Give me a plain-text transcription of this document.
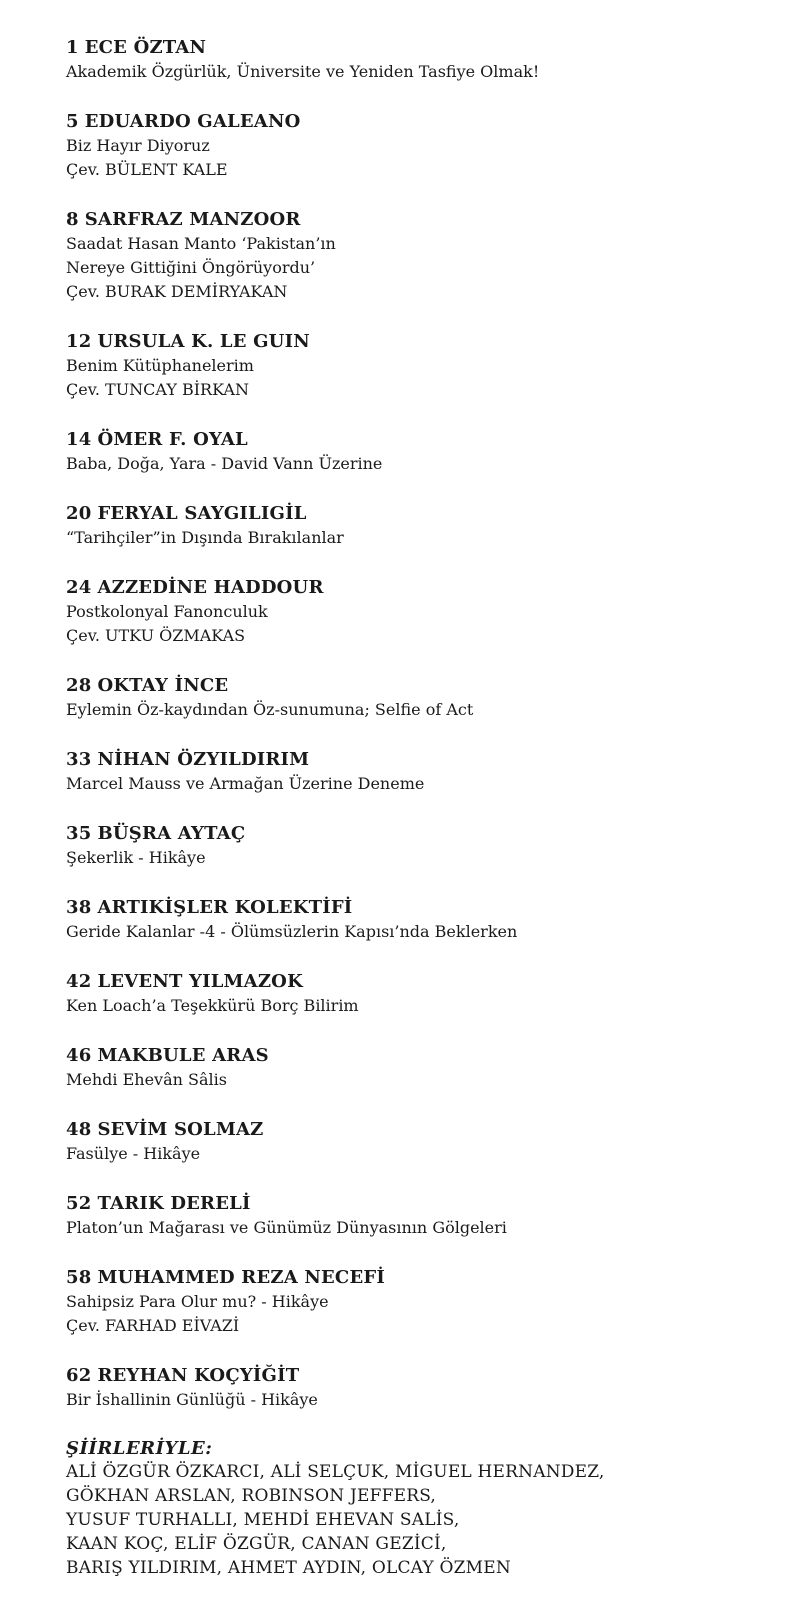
1 ECE ÖZTAN
Akademik Özgürlük, Üniversite ve Yeniden Tasfiye Olmak!
5 EDUARDO GALEANO
Biz Hayır Diyoruz
Çev. BÜLENT KALE
8 SARFRAZ MANZOOR
Saadat Hasan Manto ‘Pakistan’ın
Nereye Gittiğini Öngörüyordu’
Çev. BURAK DEMİRYAKAN
12 URSULA K. LE GUIN
Benim Kütüphanelerim
Çev. TUNCAY BİRKAN
14 ÖMER F. OYAL
Baba, Doğa, Yara - David Vann Üzerine
20 FERYAL SAYGILIGİL
“Tarihçiler”in Dışında Bırakılanlar
24 AZZEDİNE HADDOUR
Postkolonyal Fanonculuk
Çev. UTKU ÖZMAKAS
28 OKTAY İNCE
Eylemin Öz-kaydından Öz-sunumuna; Selfie of Act
33 NİHAN ÖZYILDIRIM
Marcel Mauss ve Armağan Üzerine Deneme
35 BÜŞRA AYTAÇ
Şekerlik - Hikâye
38 ARTIKİŞLER KOLEKTİFİ
Geride Kalanlar -4 - Ölümsüzlerin Kapısı’nda Beklerken
42 LEVENT YILMAZOK
Ken Loach’a Teşekkürü Borç Bilirim
46 MAKBULE ARAS
Mehdi Ehevân Sâlis
48 SEVİM SOLMAZ
Fasülye - Hikâye
52 TARIK DERELİ
Platon’un Mağarası ve Günümüz Dünyasının Gölgeleri
58 MUHAMMED REZA NECEFİ
Sahipsiz Para Olur mu? - Hikâye
Çev. FARHAD EİVAZİ
62 REYHAN KOÇYİĞİT
Bir İshallinin Günlüğü - Hikâye
ŞİİRLERİYLE:
ALİ ÖZGÜR ÖZKARCI, ALİ SELÇUK, MİGUEL HERNANDEZ,
GÖKHAN ARSLAN, ROBINSON JEFFERS,
YUSUF TURHALLI, MEHDİ EHEVAN SALİS,
KAAN KOÇ, ELİF ÖZGÜR, CANAN GEZİCİ,
BARIŞ YILDIRIM, AHMET AYDIN, OLCAY ÖZMEN
